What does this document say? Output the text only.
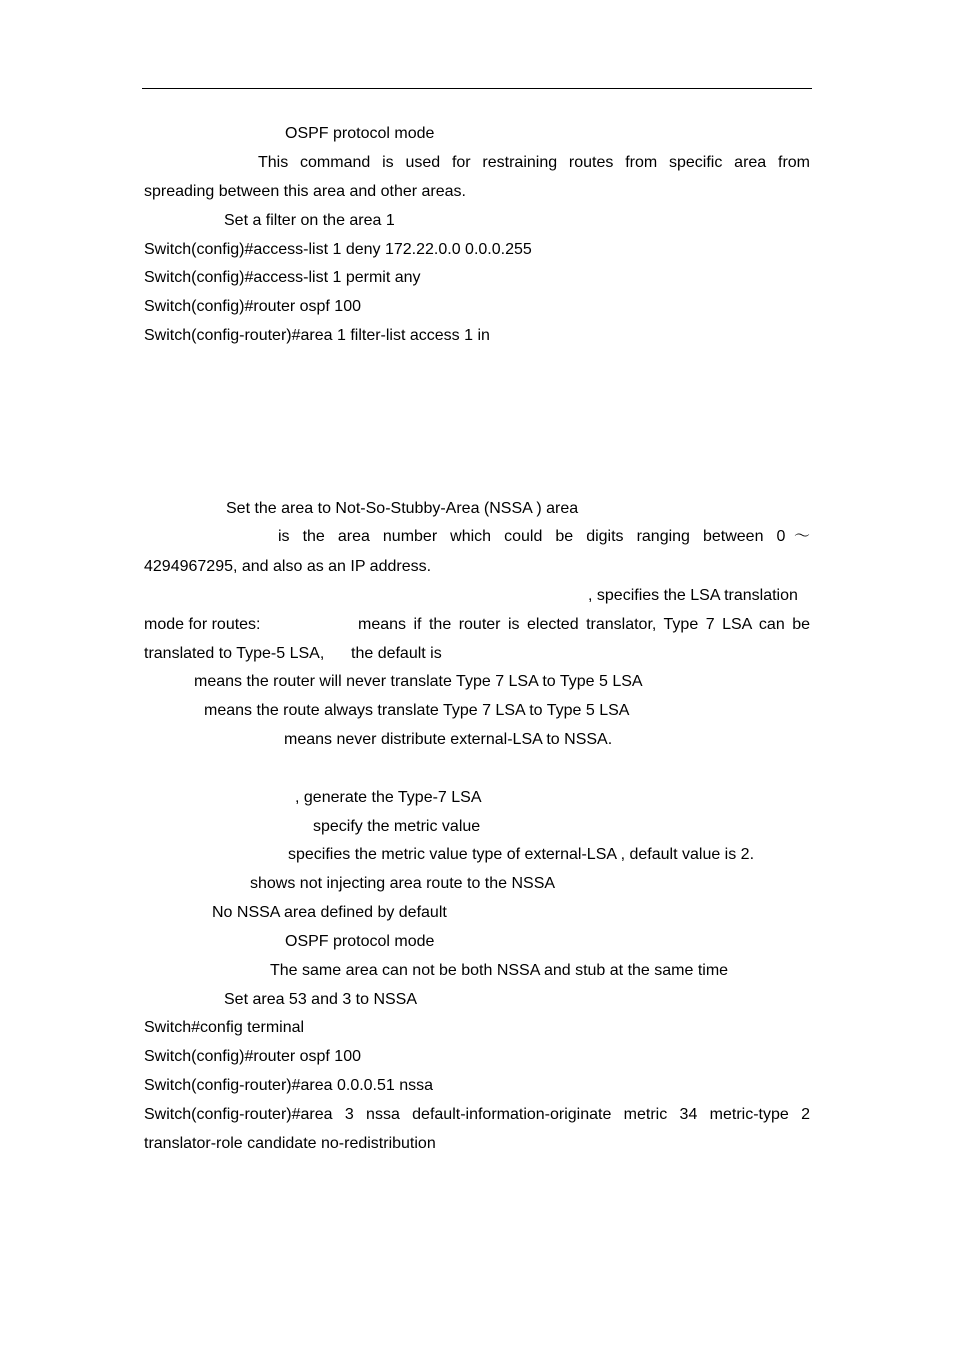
OSPF protocol mode
This command is used for restraining routes from specific area from
spreading between this area and other areas.
Set a filter on the area 1
Switch(config)#access-list 1 deny 172.22.0.0 0.0.0.255
Switch(config)#access-list 1 permit any
Switch(config)#router ospf 100
Switch(config-router)#area 1 filter-list access 1 in
Set the area to Not-So-Stubby-Area (NSSA ) area
is the area number which could be digits ranging between 0～
4294967295, and also as an IP address.
, specifies the LSA translation
mode for routes:	means if the router is elected translator, Type 7 LSA can be
translated to Type-5 LSA, the default is
means the router will never translate Type 7 LSA to Type 5 LSA
means the route always translate Type 7 LSA to Type 5 LSA
means never distribute external-LSA to NSSA.
, generate the Type-7 LSA
specify the metric value
specifies the metric value type of external-LSA , default value is 2.
shows not injecting area route to the NSSA
No NSSA area defined by default
OSPF protocol mode
The same area can not be both NSSA and stub at the same time
Set area 53 and 3 to NSSA
Switch#config terminal
Switch(config)#router ospf 100
Switch(config-router)#area 0.0.0.51 nssa
Switch(config-router)#area 3 nssa default-information-originate metric 34 metric-type 2
translator-role candidate no-redistribution
